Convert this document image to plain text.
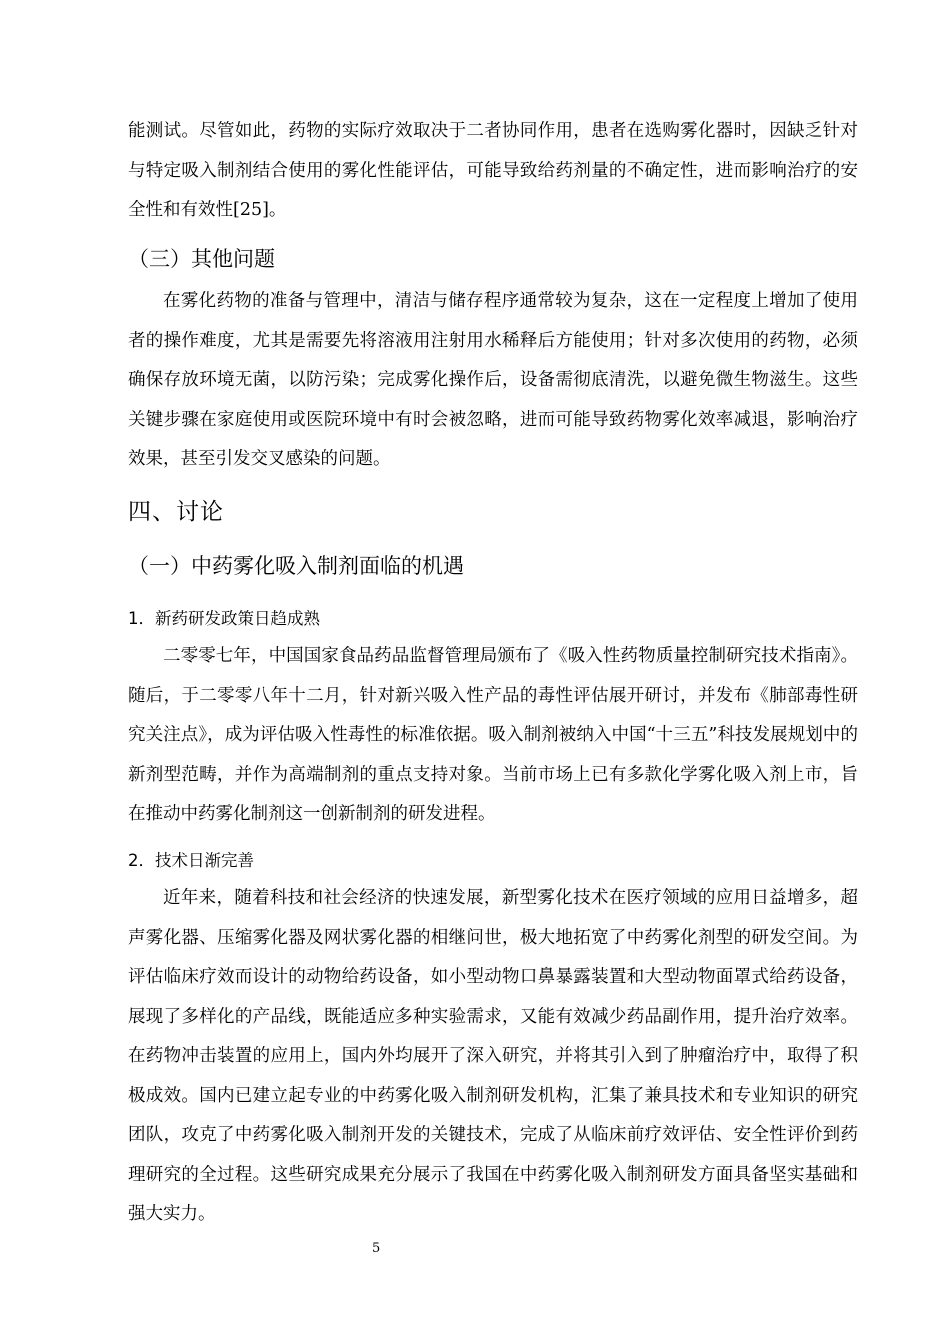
能测试。尽管如此，药物的实际疗效取决于二者协同作用，患者在选购雾化器时，因缺乏针对与特定吸入制剂结合使用的雾化性能评估，可能导致给药剂量的不确定性，进而影响治疗的安全性和有效性[25]。
（三）其他问题
在雾化药物的准备与管理中，清洁与储存程序通常较为复杂，这在一定程度上增加了使用者的操作难度，尤其是需要先将溶液用注射用水稀释后方能使用；针对多次使用的药物，必须确保存放环境无菌，以防污染；完成雾化操作后，设备需彻底清洗，以避免微生物滋生。这些关键步骤在家庭使用或医院环境中有时会被忽略，进而可能导致药物雾化效率减退，影响治疗效果，甚至引发交叉感染的问题。
四、讨论
（一）中药雾化吸入制剂面临的机遇
1．新药研发政策日趋成熟
二零零七年，中国国家食品药品监督管理局颁布了《吸入性药物质量控制研究技术指南》。随后，于二零零八年十二月，针对新兴吸入性产品的毒性评估展开研讨，并发布《肺部毒性研究关注点》，成为评估吸入性毒性的标准依据。吸入制剂被纳入中国“十三五”科技发展规划中的新剂型范畴，并作为高端制剂的重点支持对象。当前市场上已有多款化学雾化吸入剂上市，旨在推动中药雾化制剂这一创新制剂的研发进程。
2．技术日渐完善
近年来，随着科技和社会经济的快速发展，新型雾化技术在医疗领域的应用日益增多，超声雾化器、压缩雾化器及网状雾化器的相继问世，极大地拓宽了中药雾化剂型的研发空间。为评估临床疗效而设计的动物给药设备，如小型动物口鼻暴露装置和大型动物面罩式给药设备，展现了多样化的产品线，既能适应多种实验需求，又能有效减少药品副作用，提升治疗效率。在药物冲击装置的应用上，国内外均展开了深入研究，并将其引入到了肿瘤治疗中，取得了积极成效。国内已建立起专业的中药雾化吸入制剂研发机构，汇集了兼具技术和专业知识的研究团队，攻克了中药雾化吸入制剂开发的关键技术，完成了从临床前疗效评估、安全性评价到药理研究的全过程。这些研究成果充分展示了我国在中药雾化吸入制剂研发方面具备坚实基础和强大实力。
5
